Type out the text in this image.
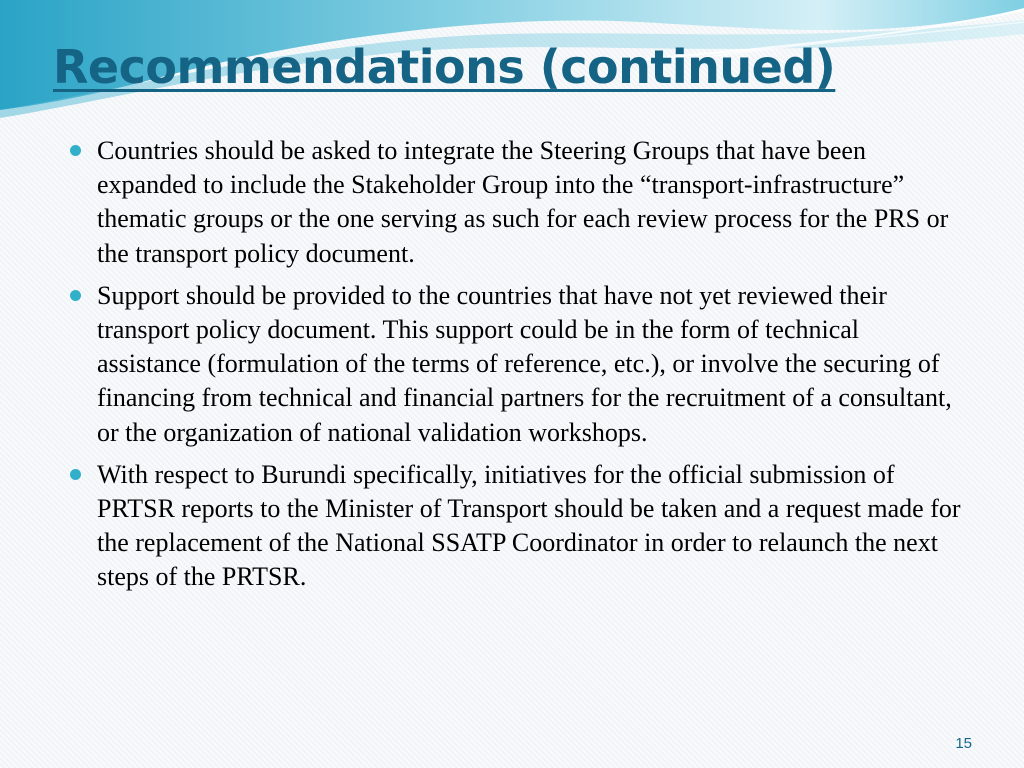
Recommendations (continued)
Countries should be asked to integrate the Steering Groups that have been expanded to include the Stakeholder Group into the “transport-infrastructure” thematic groups or the one serving as such for each review process for the PRS or the transport policy document.
Support should be provided to the countries that have not yet reviewed their transport policy document. This support could be in the form of technical assistance (formulation of the terms of reference, etc.), or involve the securing of financing from technical and financial partners for the recruitment of a consultant, or the organization of national validation workshops.
With respect to Burundi specifically, initiatives for the official submission of PRTSR reports to the Minister of Transport should be taken and a request made for the replacement of the National SSATP Coordinator in order to relaunch the next steps of the PRTSR.
15
